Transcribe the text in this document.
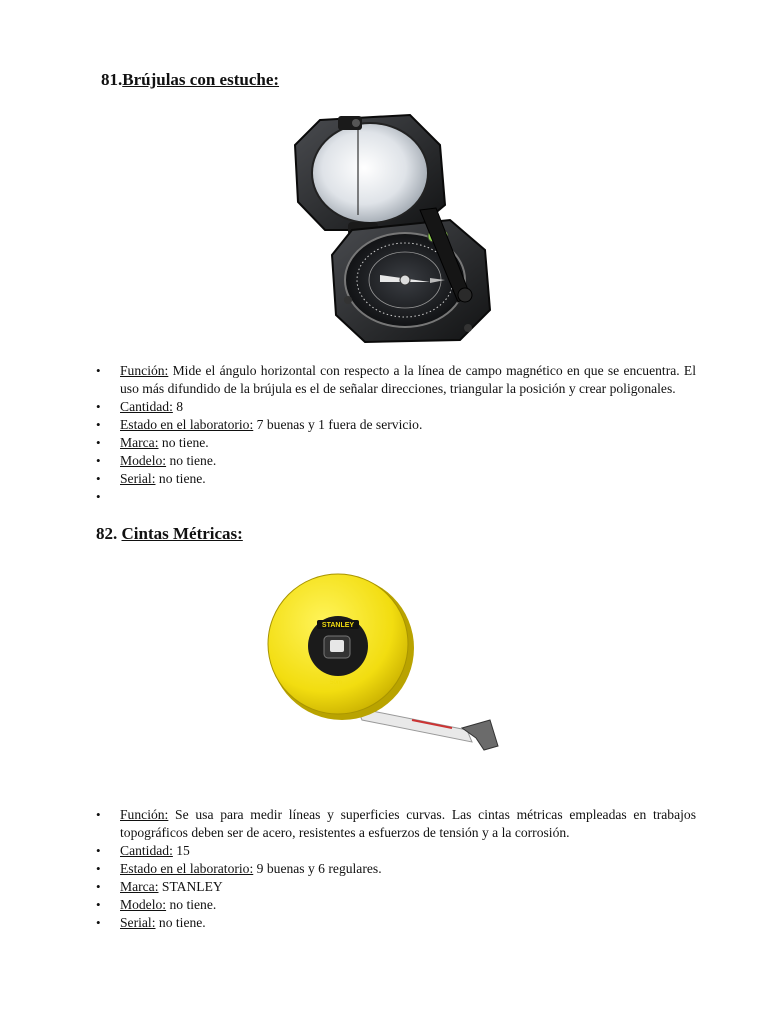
81.Brújulas con estuche:
• Función: Mide el ángulo horizontal con respecto a la línea de campo magnético en que se encuentra. El uso más difundido de la brújula es el de señalar direcciones, triangular la posición y crear poligonales.
• Cantidad: 8
• Estado en el laboratorio: 7 buenas y 1 fuera de servicio.
• Marca: no tiene.
• Modelo: no tiene.
• Serial: no tiene.
•
82. Cintas Métricas:
STANLEY
50m
• Función: Se usa para medir líneas y superficies curvas. Las cintas métricas empleadas en trabajos topográficos deben ser de acero, resistentes a esfuerzos de tensión y a la corrosión.
• Cantidad: 15
• Estado en el laboratorio: 9 buenas y 6 regulares.
• Marca: STANLEY
• Modelo: no tiene.
• Serial: no tiene.
